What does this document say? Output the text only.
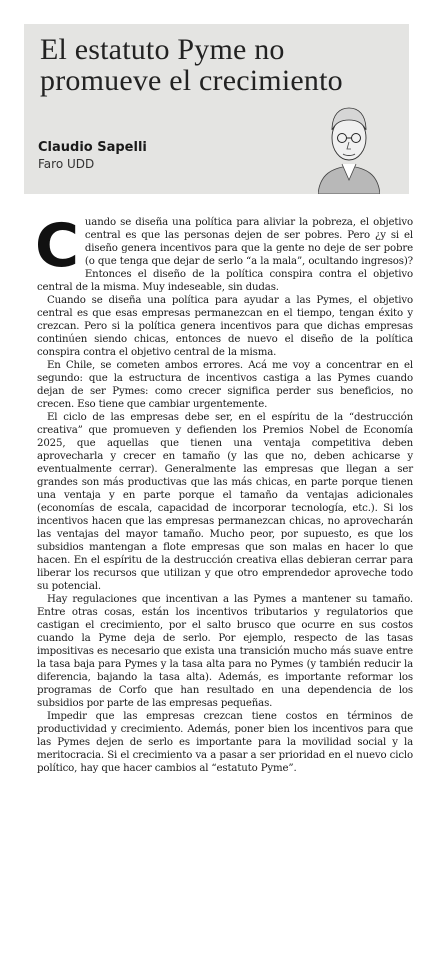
El estatuto Pyme no
promueve el crecimiento
Claudio Sapelli
Faro UDD

Cuando se diseña una política para aliviar la pobreza, el objetivo central es que las personas dejen de ser pobres. Pero ¿y si el diseño genera incentivos para que la gente no deje de ser pobre (o que tenga que dejar de serlo “a la mala”, ocultando ingresos)? Entonces el diseño de la política conspira contra el objetivo central de la misma. Muy indeseable, sin dudas.

Cuando se diseña una política para ayudar a las Pymes, el objetivo central es que esas empresas permanezcan en el tiempo, tengan éxito y crezcan. Pero si la política genera incentivos para que dichas empresas continúen siendo chicas, entonces de nuevo el diseño de la política conspira contra el objetivo central de la misma.

En Chile, se cometen ambos errores. Acá me voy a concentrar en el segundo: que la estructura de incentivos castiga a las Pymes cuando dejan de ser Pymes: como crecer significa perder sus beneficios, no crecen. Eso tiene que cambiar urgentemente.

El ciclo de las empresas debe ser, en el espíritu de la “destrucción creativa” que promueven y defienden los Premios Nobel de Economía 2025, que aquellas que tienen una ventaja competitiva deben aprovecharla y crecer en tamaño (y las que no, deben achicarse y eventualmente cerrar). Generalmente las empresas que llegan a ser grandes son más productivas que las más chicas, en parte porque tienen una ventaja y en parte porque el tamaño da ventajas adicionales (economías de escala, capacidad de incorporar tecnología, etc.). Si los incentivos hacen que las empresas permanezcan chicas, no aprovecharán las ventajas del mayor tamaño. Mucho peor, por supuesto, es que los subsidios mantengan a flote empresas que son malas en hacer lo que hacen. En el espíritu de la destrucción creativa ellas debieran cerrar para liberar los recursos que utilizan y que otro emprendedor aproveche todo su potencial.

Hay regulaciones que incentivan a las Pymes a mantener su tamaño. Entre otras cosas, están los incentivos tributarios y regulatorios que castigan el crecimiento, por el salto brusco que ocurre en sus costos cuando la Pyme deja de serlo. Por ejemplo, respecto de las tasas impositivas es necesario que exista una transición mucho más suave entre la tasa baja para Pymes y la tasa alta para no Pymes (y también reducir la diferencia, bajando la tasa alta). Además, es importante reformar los programas de Corfo que han resultado en una dependencia de los subsidios por parte de las empresas pequeñas.

Impedir que las empresas crezcan tiene costos en términos de productividad y crecimiento. Además, poner bien los incentivos para que las Pymes dejen de serlo es importante para la movilidad social y la meritocracia. Si el crecimiento va a pasar a ser prioridad en el nuevo ciclo político, hay que hacer cambios al “estatuto Pyme”.
